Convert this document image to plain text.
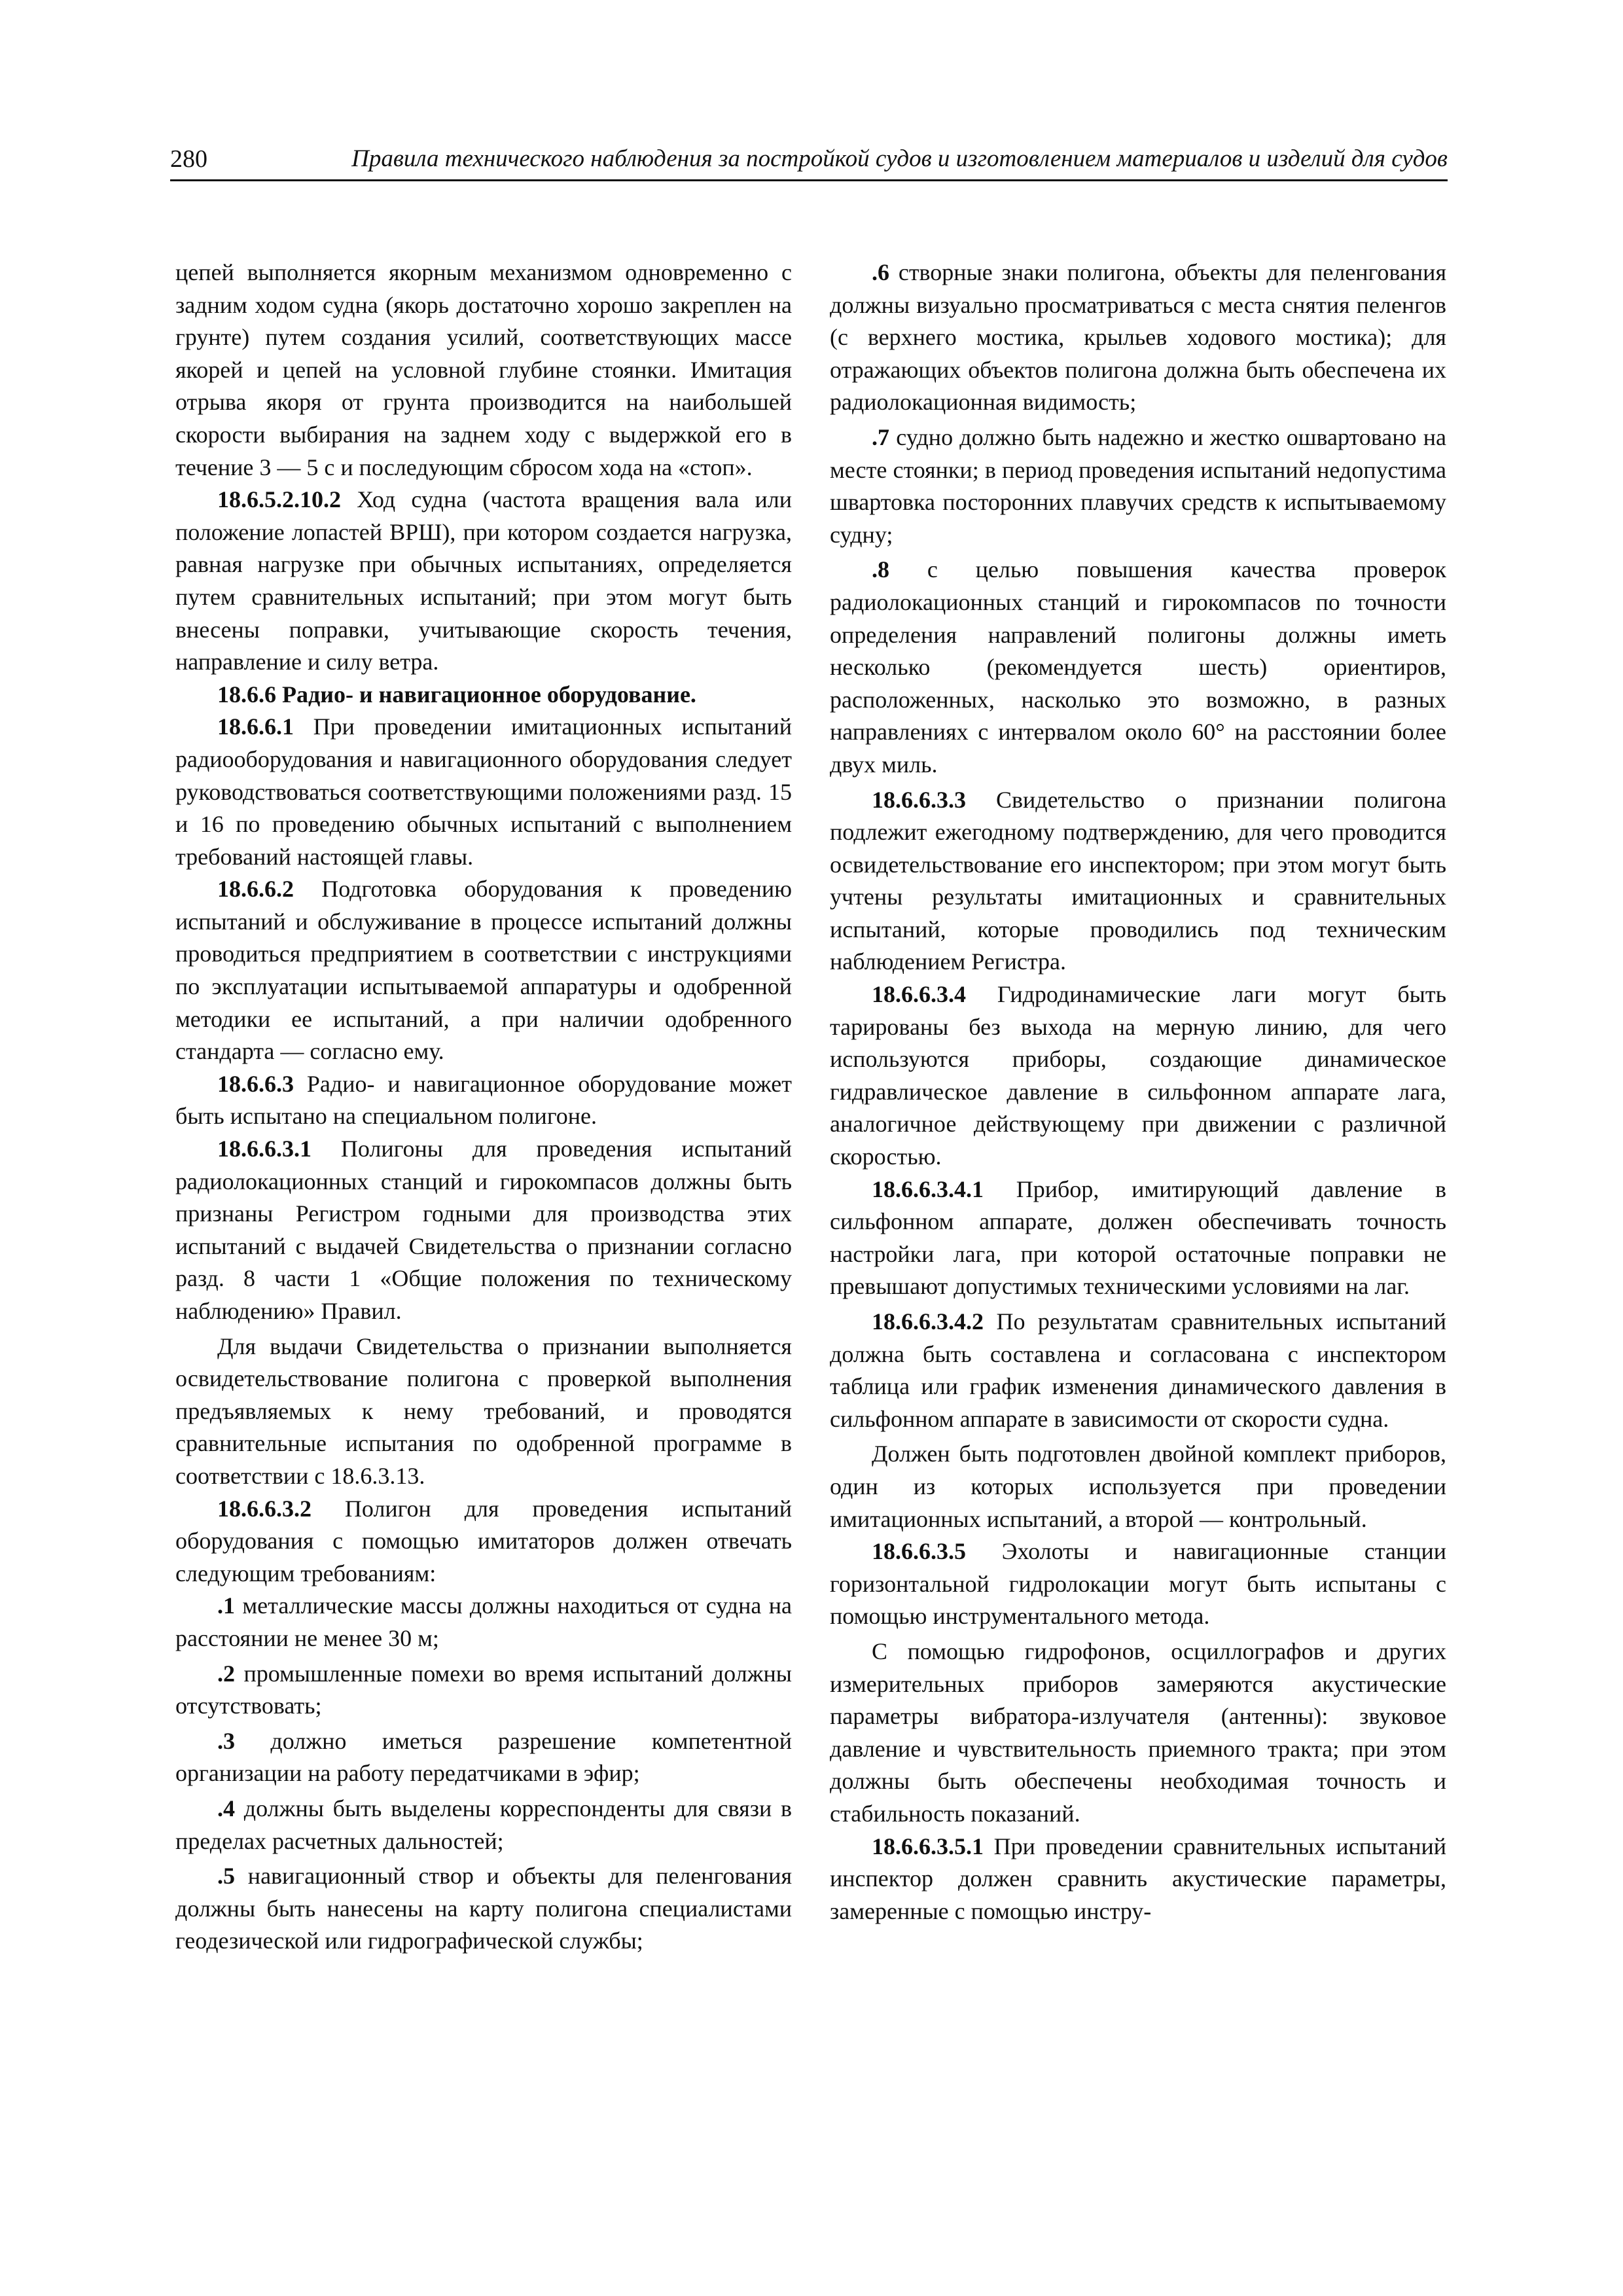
280	Правила технического наблюдения за постройкой судов и изготовлением материалов и изделий для судов

цепей выполняется якорным механизмом одновременно с задним ходом судна (якорь достаточно хорошо закреплен на грунте) путем создания усилий, соответствующих массе якорей и цепей на условной глубине стоянки. Имитация отрыва якоря от грунта производится на наибольшей скорости выбирания на заднем ходу с выдержкой его в течение 3 — 5 с и последующим сбросом хода на «стоп».

18.6.5.2.10.2 Ход судна (частота вращения вала или положение лопастей ВРШ), при котором создается нагрузка, равная нагрузке при обычных испытаниях, определяется путем сравнительных испытаний; при этом могут быть внесены поправки, учитывающие скорость течения, направление и силу ветра.

18.6.6 Радио- и навигационное оборудование.

18.6.6.1 При проведении имитационных испытаний радиооборудования и навигационного оборудования следует руководствоваться соответствующими положениями разд. 15 и 16 по проведению обычных испытаний с выполнением требований настоящей главы.

18.6.6.2 Подготовка оборудования к проведению испытаний и обслуживание в процессе испытаний должны проводиться предприятием в соответствии с инструкциями по эксплуатации испытываемой аппаратуры и одобренной методики ее испытаний, а при наличии одобренного стандарта — согласно ему.

18.6.6.3 Радио- и навигационное оборудование может быть испытано на специальном полигоне.

18.6.6.3.1 Полигоны для проведения испытаний радиолокационных станций и гирокомпасов должны быть признаны Регистром годными для производства этих испытаний с выдачей Свидетельства о признании согласно разд. 8 части 1 «Общие положения по техническому наблюдению» Правил.

Для выдачи Свидетельства о признании выполняется освидетельствование полигона с проверкой выполнения предъявляемых к нему требований, и проводятся сравнительные испытания по одобренной программе в соответствии с 18.6.3.13.

18.6.6.3.2 Полигон для проведения испытаний оборудования с помощью имитаторов должен отвечать следующим требованиям:

.1 металлические массы должны находиться от судна на расстоянии не менее 30 м;

.2 промышленные помехи во время испытаний должны отсутствовать;

.3 должно иметься разрешение компетентной организации на работу передатчиками в эфир;

.4 должны быть выделены корреспонденты для связи в пределах расчетных дальностей;

.5 навигационный створ и объекты для пеленгования должны быть нанесены на карту полигона специалистами геодезической или гидрографической службы;

.6 створные знаки полигона, объекты для пеленгования должны визуально просматриваться с места снятия пеленгов (с верхнего мостика, крыльев ходового мостика); для отражающих объектов полигона должна быть обеспечена их радиолокационная видимость;

.7 судно должно быть надежно и жестко ошвартовано на месте стоянки; в период проведения испытаний недопустима швартовка посторонних плавучих средств к испытываемому судну;

.8 с целью повышения качества проверок радиолокационных станций и гирокомпасов по точности определения направлений полигоны должны иметь несколько (рекомендуется шесть) ориентиров, расположенных, насколько это возможно, в разных направлениях с интервалом около 60° на расстоянии более двух миль.

18.6.6.3.3 Свидетельство о признании полигона подлежит ежегодному подтверждению, для чего проводится освидетельствование его инспектором; при этом могут быть учтены результаты имитационных и сравнительных испытаний, которые проводились под техническим наблюдением Регистра.

18.6.6.3.4 Гидродинамические лаги могут быть тарированы без выхода на мерную линию, для чего используются приборы, создающие динамическое гидравлическое давление в сильфонном аппарате лага, аналогичное действующему при движении с различной скоростью.

18.6.6.3.4.1 Прибор, имитирующий давление в сильфонном аппарате, должен обеспечивать точность настройки лага, при которой остаточные поправки не превышают допустимых техническими условиями на лаг.

18.6.6.3.4.2 По результатам сравнительных испытаний должна быть составлена и согласована с инспектором таблица или график изменения динамического давления в сильфонном аппарате в зависимости от скорости судна.

Должен быть подготовлен двойной комплект приборов, один из которых используется при проведении имитационных испытаний, а второй — контрольный.

18.6.6.3.5 Эхолоты и навигационные станции горизонтальной гидролокации могут быть испытаны с помощью инструментального метода.

С помощью гидрофонов, осциллографов и других измерительных приборов замеряются акустические параметры вибратора-излучателя (антенны): звуковое давление и чувствительность приемного тракта; при этом должны быть обеспечены необходимая точность и стабильность показаний.

18.6.6.3.5.1 При проведении сравнительных испытаний инспектор должен сравнить акустические параметры, замеренные с помощью инстру-
